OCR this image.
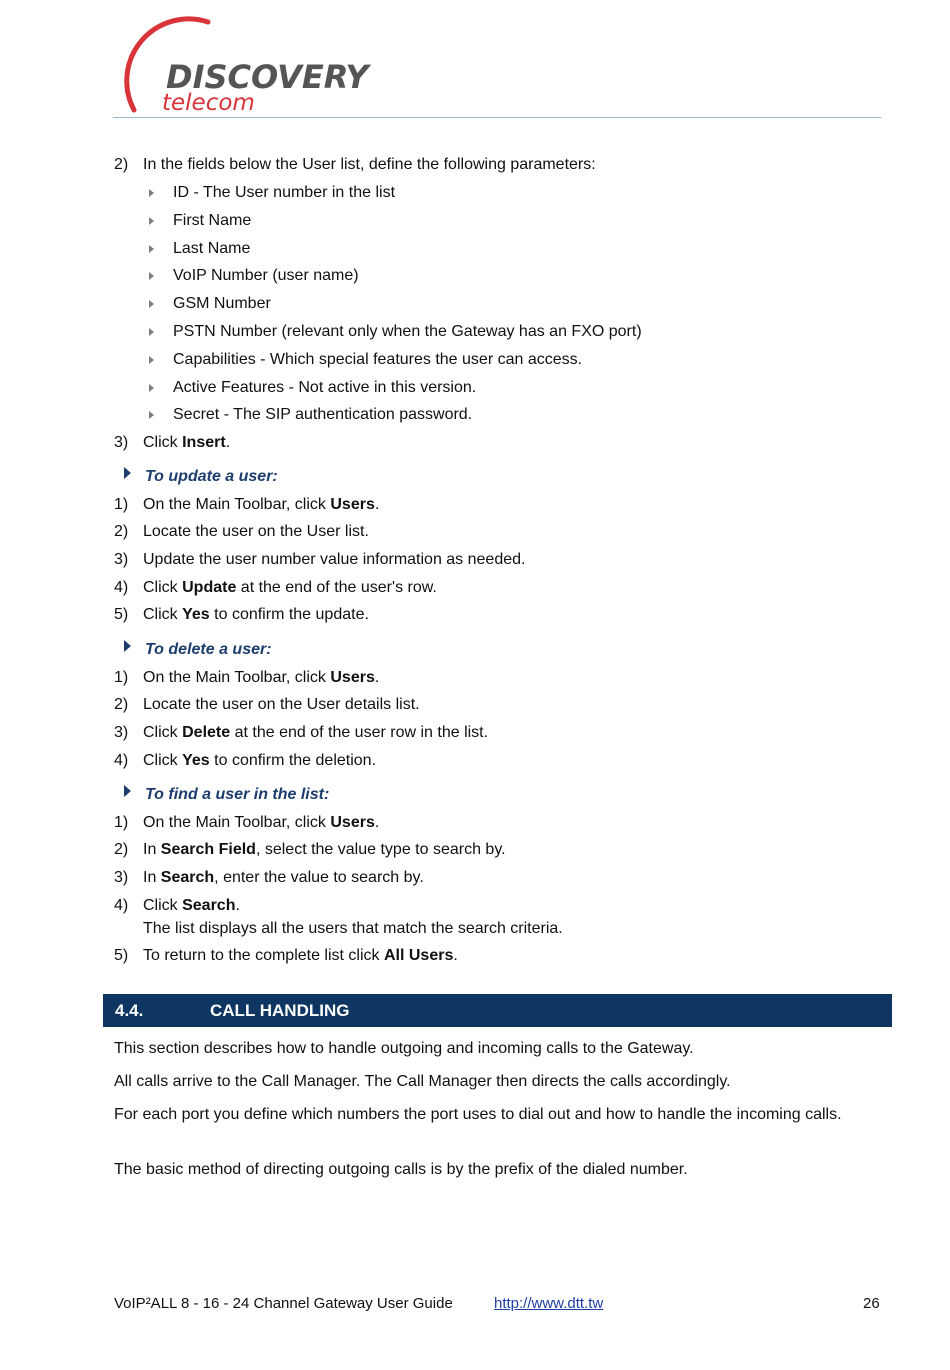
DISCOVERY
telecom
2) In the fields below the User list, define the following parameters:
ID - The User number in the list
First Name
Last Name
VoIP Number (user name)
GSM Number
PSTN Number (relevant only when the Gateway has an FXO port)
Capabilities - Which special features the user can access.
Active Features - Not active in this version.
Secret - The SIP authentication password.
3) Click Insert.
To update a user:
1) On the Main Toolbar, click Users.
2) Locate the user on the User list.
3) Update the user number value information as needed.
4) Click Update at the end of the user's row.
5) Click Yes to confirm the update.
To delete a user:
1) On the Main Toolbar, click Users.
2) Locate the user on the User details list.
3) Click Delete at the end of the user row in the list.
4) Click Yes to confirm the deletion.
To find a user in the list:
1) On the Main Toolbar, click Users.
2) In Search Field, select the value type to search by.
3) In Search, enter the value to search by.
4) Click Search.
The list displays all the users that match the search criteria.
5) To return to the complete list click All Users.
4.4.	CALL HANDLING

This section describes how to handle outgoing and incoming calls to the Gateway.

All calls arrive to the Call Manager. The Call Manager then directs the calls accordingly.

For each port you define which numbers the port uses to dial out and how to handle the incoming calls.

The basic method of directing outgoing calls is by the prefix of the dialed number.

VoIP²ALL 8 - 16 - 24 Channel Gateway User Guide	http://www.dtt.tw	26
